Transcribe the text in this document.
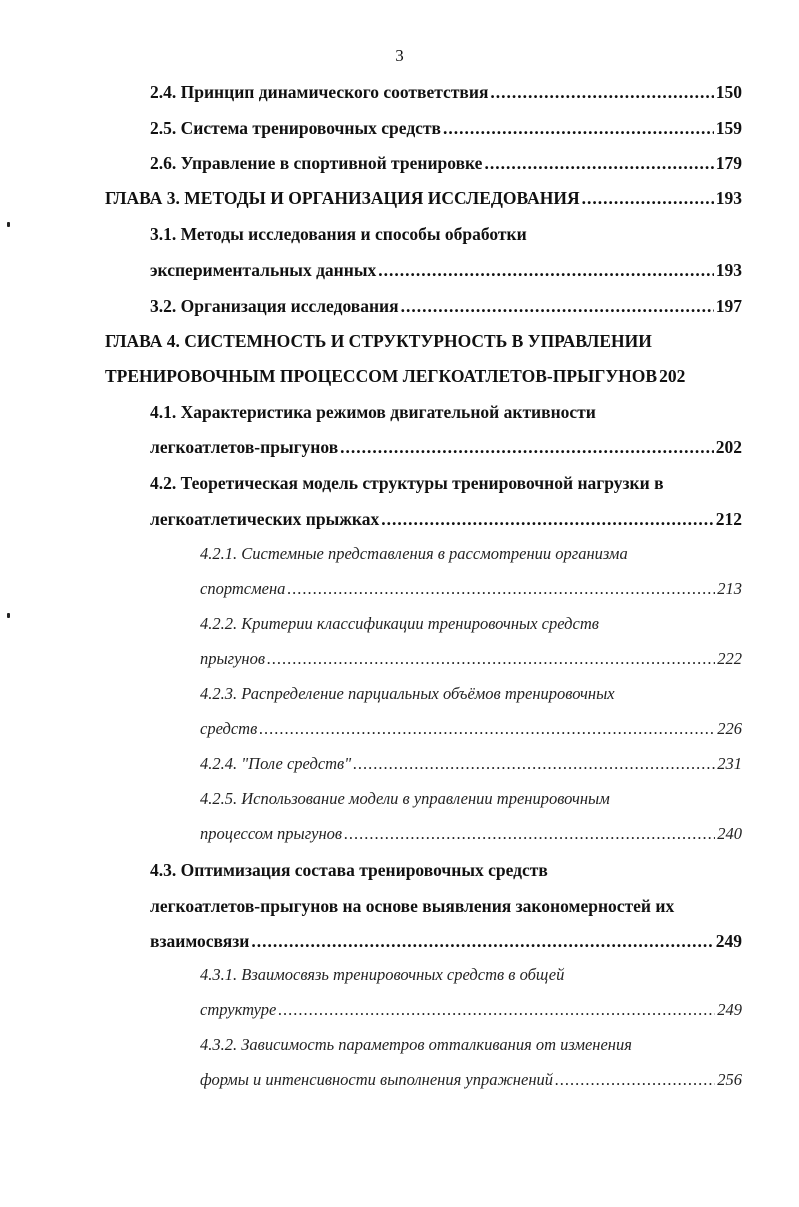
3
2.4. Принцип динамического соответствия .....	150
2.5. Система тренировочных средств .....	159
2.6. Управление в спортивной тренировке .....	179
ГЛАВА 3. МЕТОДЫ И ОРГАНИЗАЦИЯ ИССЛЕДОВАНИЯ .....	193
3.1. Методы исследования и способы обработки
экспериментальных данных .....	193
3.2. Организация исследования .....	197
ГЛАВА 4. СИСТЕМНОСТЬ И СТРУКТУРНОСТЬ В УПРАВЛЕНИИ
ТРЕНИРОВОЧНЫМ ПРОЦЕССОМ ЛЕГКОАТЛЕТОВ-ПРЫГУНОВ 202
4.1. Характеристика режимов двигательной активности
легкоатлетов-прыгунов .....	202
4.2. Теоретическая модель структуры тренировочной нагрузки в
легкоатлетических прыжках .....	212
4.2.1. Системные представления в рассмотрении организма
спортсмена .....	213
4.2.2. Критерии классификации тренировочных средств
прыгунов .....	222
4.2.3. Распределение парциальных объёмов тренировочных
средств .....	226
4.2.4. "Поле средств" .....	231
4.2.5. Использование модели в управлении тренировочным
процессом прыгунов .....	240
4.3. Оптимизация состава тренировочных средств
легкоатлетов-прыгунов на основе выявления закономерностей их
взаимосвязи .....	249
4.3.1. Взаимосвязь тренировочных средств в общей
структуре .....	249
4.3.2. Зависимость параметров отталкивания от изменения
формы и интенсивности выполнения упражнений .....	256
